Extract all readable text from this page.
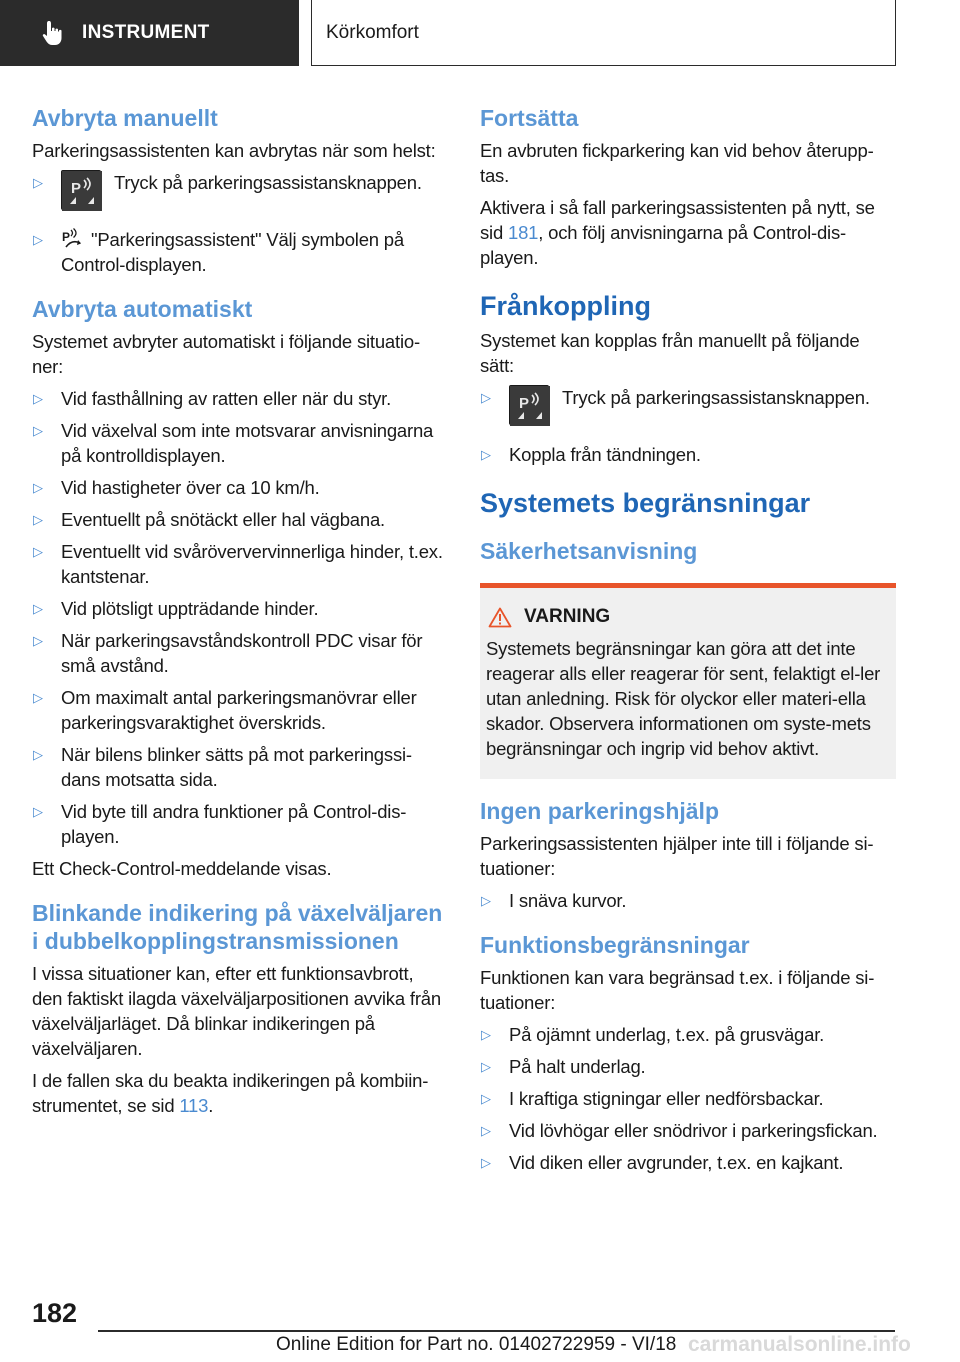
INSTRUMENT	Körkomfort
Avbryta manuellt
Parkeringsassistenten kan avbrytas när som helst:
▷	P Tryck på parkeringsassistansknappen.
▷	P "Parkeringsassistent" Välj symbolen på Control-displayen.
Avbryta automatiskt
Systemet avbryter automatiskt i följande situatio-ner:
▷ Vid fasthållning av ratten eller när du styr.
▷ Vid växelval som inte motsvarar anvisningarna på kontrolldisplayen.
▷ Vid hastigheter över ca 10 km/h.
▷ Eventuellt på snötäckt eller hal vägbana.
▷ Eventuellt vid svåröververvinnerliga hinder, t.ex. kantstenar.
▷ Vid plötsligt uppträdande hinder.
▷ När parkeringsavståndskontroll PDC visar för små avstånd.
▷ Om maximalt antal parkeringsmanövrar eller parkeringsvaraktighet överskrids.
▷ När bilens blinker sätts på mot parkeringssi-dans motsatta sida.
▷ Vid byte till andra funktioner på Control-dis-playen.
Ett Check-Control-meddelande visas.
Blinkande indikering på växelväljaren i dubbelkopplingstransmissionen
I vissa situationer kan, efter ett funktionsavbrott, den faktiskt ilagda växelväljarpositionen avvika från växelväljarläget. Då blinkar indikeringen på växelväljaren.
I de fallen ska du beakta indikeringen på kombiin-strumentet, se sid 113.
Fortsätta
En avbruten fickparkering kan vid behov återupp-tas.
Aktivera i så fall parkeringsassistenten på nytt, se sid 181, och följ anvisningarna på Control-dis-playen.
Frånkoppling
Systemet kan kopplas från manuellt på följande sätt:
▷	P Tryck på parkeringsassistansknappen.
▷ Koppla från tändningen.
Systemets begränsningar
Säkerhetsanvisning
VARNING
Systemets begränsningar kan göra att det inte reagerar alls eller reagerar för sent, felaktigt el-ler utan anledning. Risk för olyckor eller materi-ella skador. Observera informationen om syste-mets begränsningar och ingrip vid behov aktivt.
Ingen parkeringshjälp
Parkeringsassistenten hjälper inte till i följande si-tuationer:
▷ I snäva kurvor.
Funktionsbegränsningar
Funktionen kan vara begränsad t.ex. i följande si-tuationer:
▷ På ojämnt underlag, t.ex. på grusvägar.
▷ På halt underlag.
▷ I kraftiga stigningar eller nedförsbackar.
▷ Vid lövhögar eller snödrivor i parkeringsfickan.
▷ Vid diken eller avgrunder, t.ex. en kajkant.
182
Online Edition for Part no. 01402722959 - VI/18 carmanualsonline.info
